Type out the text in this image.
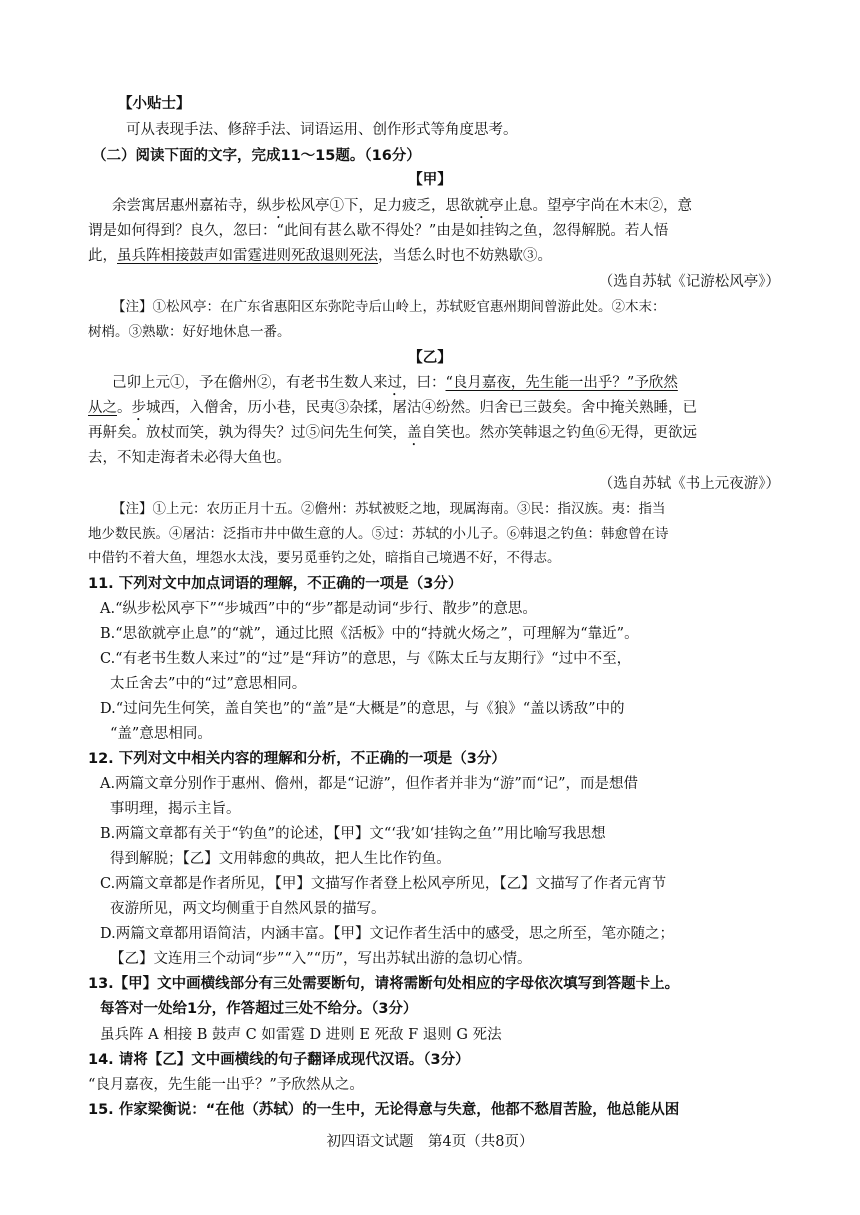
【小贴士】
可从表现手法、修辞手法、词语运用、创作形式等角度思考。
（二）阅读下面的文字，完成11～15题。（16分）
【甲】
余尝寓居惠州嘉祐寺，纵步松风亭①下，足力疲乏，思欲就亭止息。望亭宇尚在木末②，意
谓是如何得到？良久，忽曰：“此间有甚么歇不得处？”由是如挂钩之鱼，忽得解脱。若人悟
此，虽兵阵相接鼓声如雷霆进则死敌退则死法，当恁么时也不妨熟歇③。
（选自苏轼《记游松风亭》）
【注】①松风亭：在广东省惠阳区东弥陀寺后山岭上，苏轼贬官惠州期间曾游此处。②木末：
树梢。③熟歇：好好地休息一番。
【乙】
己卯上元①，予在儋州②，有老书生数人来过，曰：“良月嘉夜，先生能一出乎？”予欣然
从之。步城西，入僧舍，历小巷，民夷③杂揉，屠沽④纷然。归舍已三鼓矣。舍中掩关熟睡，已
再鼾矣。放杖而笑，孰为得失？过⑤问先生何笑，盖自笑也。然亦笑韩退之钓鱼⑥无得，更欲远
去，不知走海者未必得大鱼也。
（选自苏轼《书上元夜游》）
【注】①上元：农历正月十五。②儋州：苏轼被贬之地，现属海南。③民：指汉族。夷：指当
地少数民族。④屠沽：泛指市井中做生意的人。⑤过：苏轼的小儿子。⑥韩退之钓鱼：韩愈曾在诗
中借钓不着大鱼，埋怨水太浅，要另觅垂钓之处，暗指自己境遇不好，不得志。
11. 下列对文中加点词语的理解，不正确的一项是（3分）
A.“纵步松风亭下”“步城西”中的“步”都是动词“步行、散步”的意思。
B.“思欲就亭止息”的“就”，通过比照《活板》中的“持就火炀之”，可理解为“靠近”。
C.“有老书生数人来过”的“过”是“拜访”的意思，与《陈太丘与友期行》“过中不至，
太丘舍去”中的“过”意思相同。
D.“过问先生何笑，盖自笑也”的“盖”是“大概是”的意思，与《狼》“盖以诱敌”中的
“盖”意思相同。
12. 下列对文中相关内容的理解和分析，不正确的一项是（3分）
A.两篇文章分别作于惠州、儋州，都是“记游”，但作者并非为“游”而“记”，而是想借
事明理，揭示主旨。
B.两篇文章都有关于“钓鱼”的论述，【甲】文“‘我’如‘挂钩之鱼’”用比喻写我思想
得到解脱；【乙】文用韩愈的典故，把人生比作钓鱼。
C.两篇文章都是作者所见，【甲】文描写作者登上松风亭所见，【乙】文描写了作者元宵节
夜游所见，两文均侧重于自然风景的描写。
D.两篇文章都用语简洁，内涵丰富。【甲】文记作者生活中的感受，思之所至，笔亦随之；
【乙】文连用三个动词“步”“入”“历”，写出苏轼出游的急切心情。
13.【甲】文中画横线部分有三处需要断句，请将需断句处相应的字母依次填写到答题卡上。
每答对一处给1分，作答超过三处不给分。（3分）
虽兵阵 A 相接 B 鼓声 C 如雷霆 D 进则 E 死敌 F 退则 G 死法
14. 请将【乙】文中画横线的句子翻译成现代汉语。（3分）
“良月嘉夜，先生能一出乎？”予欣然从之。
15. 作家梁衡说：“在他（苏轼）的一生中，无论得意与失意，他都不愁眉苦脸，他总能从困
初四语文试题　第4页（共8页）
